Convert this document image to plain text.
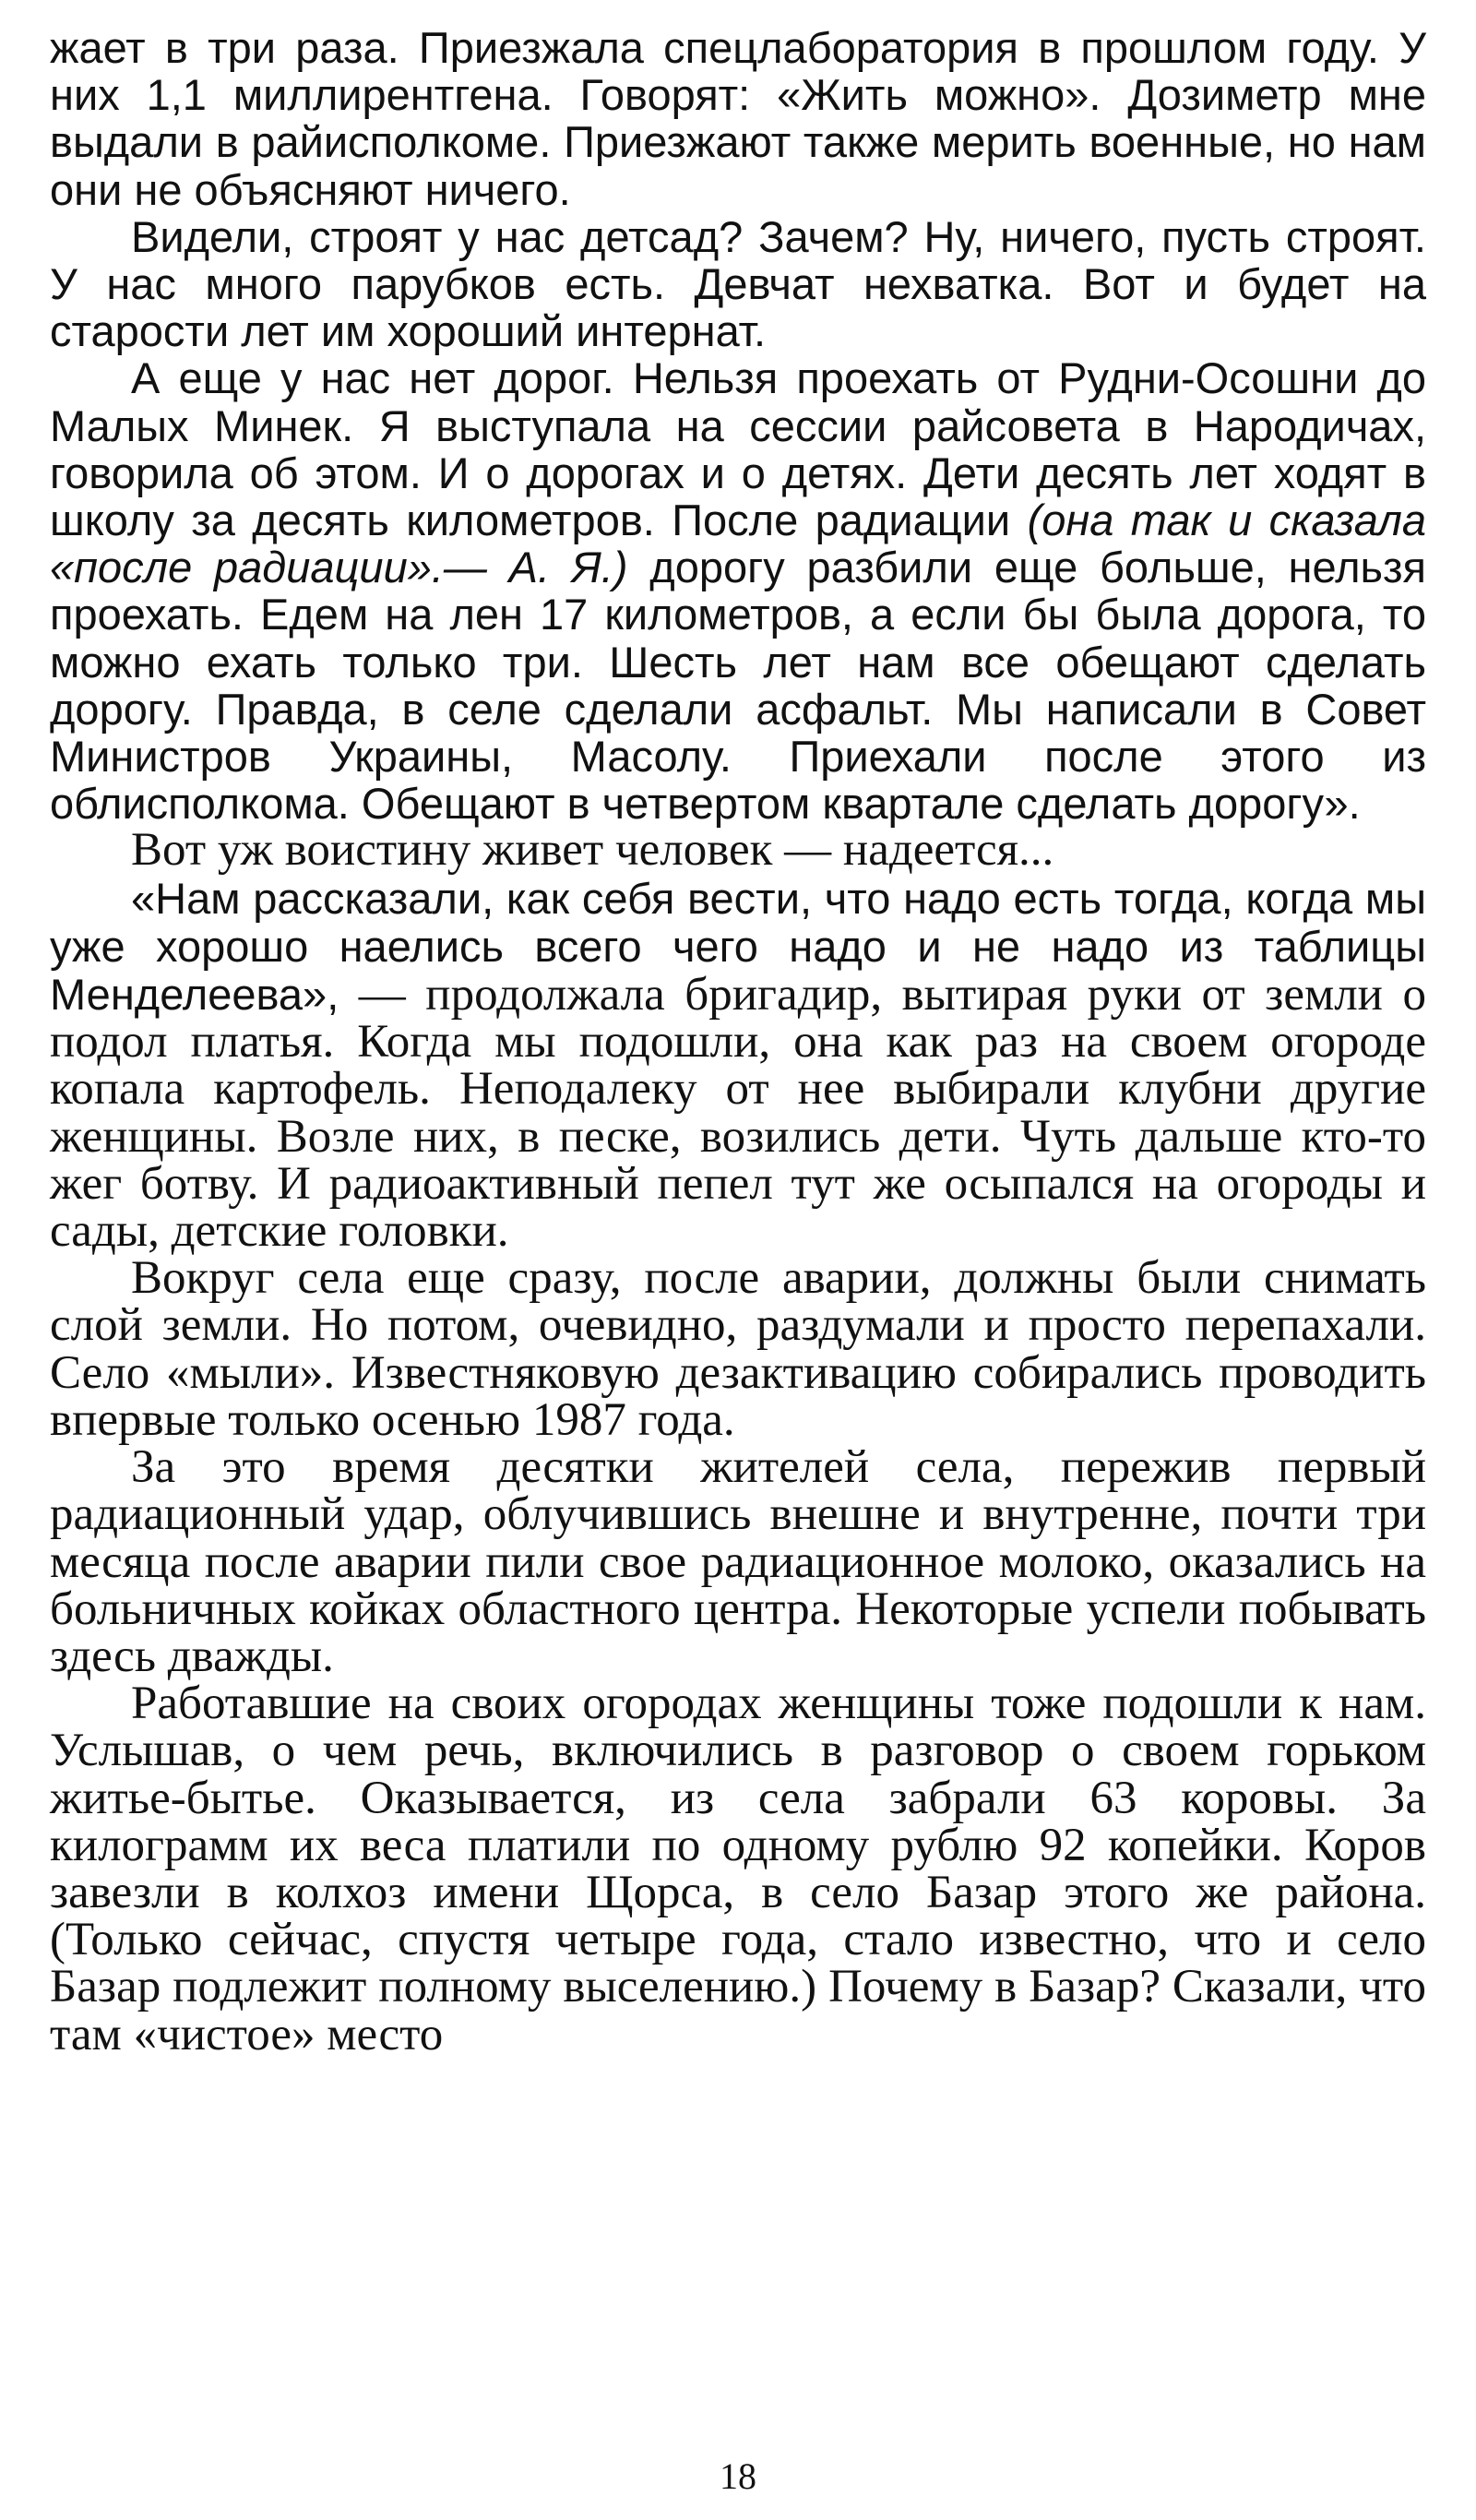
жает в три раза. Приезжала спецлаборатория в прошлом году. У них 1,1 миллирентгена. Говорят: «Жить можно». Дозиметр мне выдали в райисполкоме. Приезжают также мерить военные, но нам они не объясняют ничего.

Видели, строят у нас детсад? Зачем? Ну, ничего, пусть строят. У нас много парубков есть. Девчат нехватка. Вот и будет на старости лет им хороший интернат.

А еще у нас нет дорог. Нельзя проехать от Рудни-Осошни до Малых Минек. Я выступала на сессии райсовета в Народичах, говорила об этом. И о дорогах и о детях. Дети десять лет ходят в школу за десять километров. После радиации (она так и сказала «после радиации».— А. Я.) дорогу разбили еще больше, нельзя проехать. Едем на лен 17 километров, а если бы была дорога, то можно ехать только три. Шесть лет нам все обещают сделать дорогу. Правда, в селе сделали асфальт. Мы написали в Совет Министров Украины, Масолу. Приехали после этого из облисполкома. Обещают в четвертом квартале сделать дорогу».

Вот уж воистину живет человек — надеется...

«Нам рассказали, как себя вести, что надо есть тогда, когда мы уже хорошо наелись всего чего надо и не надо из таблицы Менделеева», — продолжала бригадир, вытирая руки от земли о подол платья. Когда мы подошли, она как раз на своем огороде копала картофель. Неподалеку от нее выбирали клубни другие женщины. Возле них, в песке, возились дети. Чуть дальше кто-то жег ботву. И радиоактивный пепел тут же осыпался на огороды и сады, детские головки.

Вокруг села еще сразу, после аварии, должны были снимать слой земли. Но потом, очевидно, раздумали и просто перепахали. Село «мыли». Известняковую дезактивацию собирались проводить впервые только осенью 1987 года.

За это время десятки жителей села, пережив первый радиационный удар, облучившись внешне и внутренне, почти три месяца после аварии пили свое радиационное молоко, оказались на больничных койках областного центра. Некоторые успели побывать здесь дважды.

Работавшие на своих огородах женщины тоже подошли к нам. Услышав, о чем речь, включились в разговор о своем горьком житье-бытье. Оказывается, из села забрали 63 коровы. За килограмм их веса платили по одному рублю 92 копейки. Коров завезли в колхоз имени Щорса, в село Базар этого же района. (Только сейчас, спустя четыре года, стало известно, что и село Базар подлежит полному выселению.) Почему в Базар? Сказали, что там «чистое» место

18
